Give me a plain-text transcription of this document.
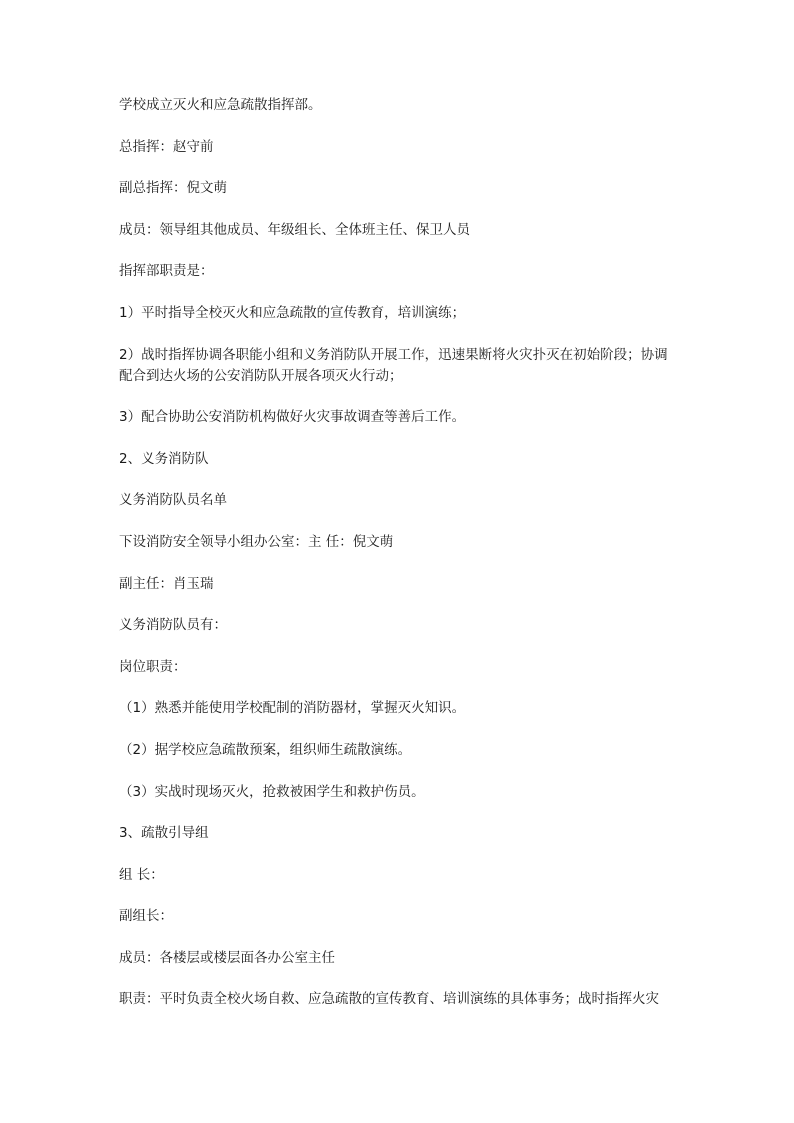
学校成立灭火和应急疏散指挥部。

总指挥：赵守前

副总指挥：倪文萌

成员：领导组其他成员、年级组长、全体班主任、保卫人员

指挥部职责是：

1）平时指导全校灭火和应急疏散的宣传教育，培训演练；

2）战时指挥协调各职能小组和义务消防队开展工作，迅速果断将火灾扑灭在初始阶段；协调配合到达火场的公安消防队开展各项灭火行动；

3）配合协助公安消防机构做好火灾事故调查等善后工作。

2、义务消防队

义务消防队员名单

下设消防安全领导小组办公室：主 任：倪文萌

副主任：肖玉瑞

义务消防队员有：

岗位职责：

（1）熟悉并能使用学校配制的消防器材，掌握灭火知识。

（2）据学校应急疏散预案，组织师生疏散演练。

（3）实战时现场灭火，抢救被困学生和救护伤员。

3、疏散引导组

组 长：

副组长：

成员：各楼层或楼层面各办公室主任

职责：平时负责全校火场自救、应急疏散的宣传教育、培训演练的具体事务；战时指挥火灾
